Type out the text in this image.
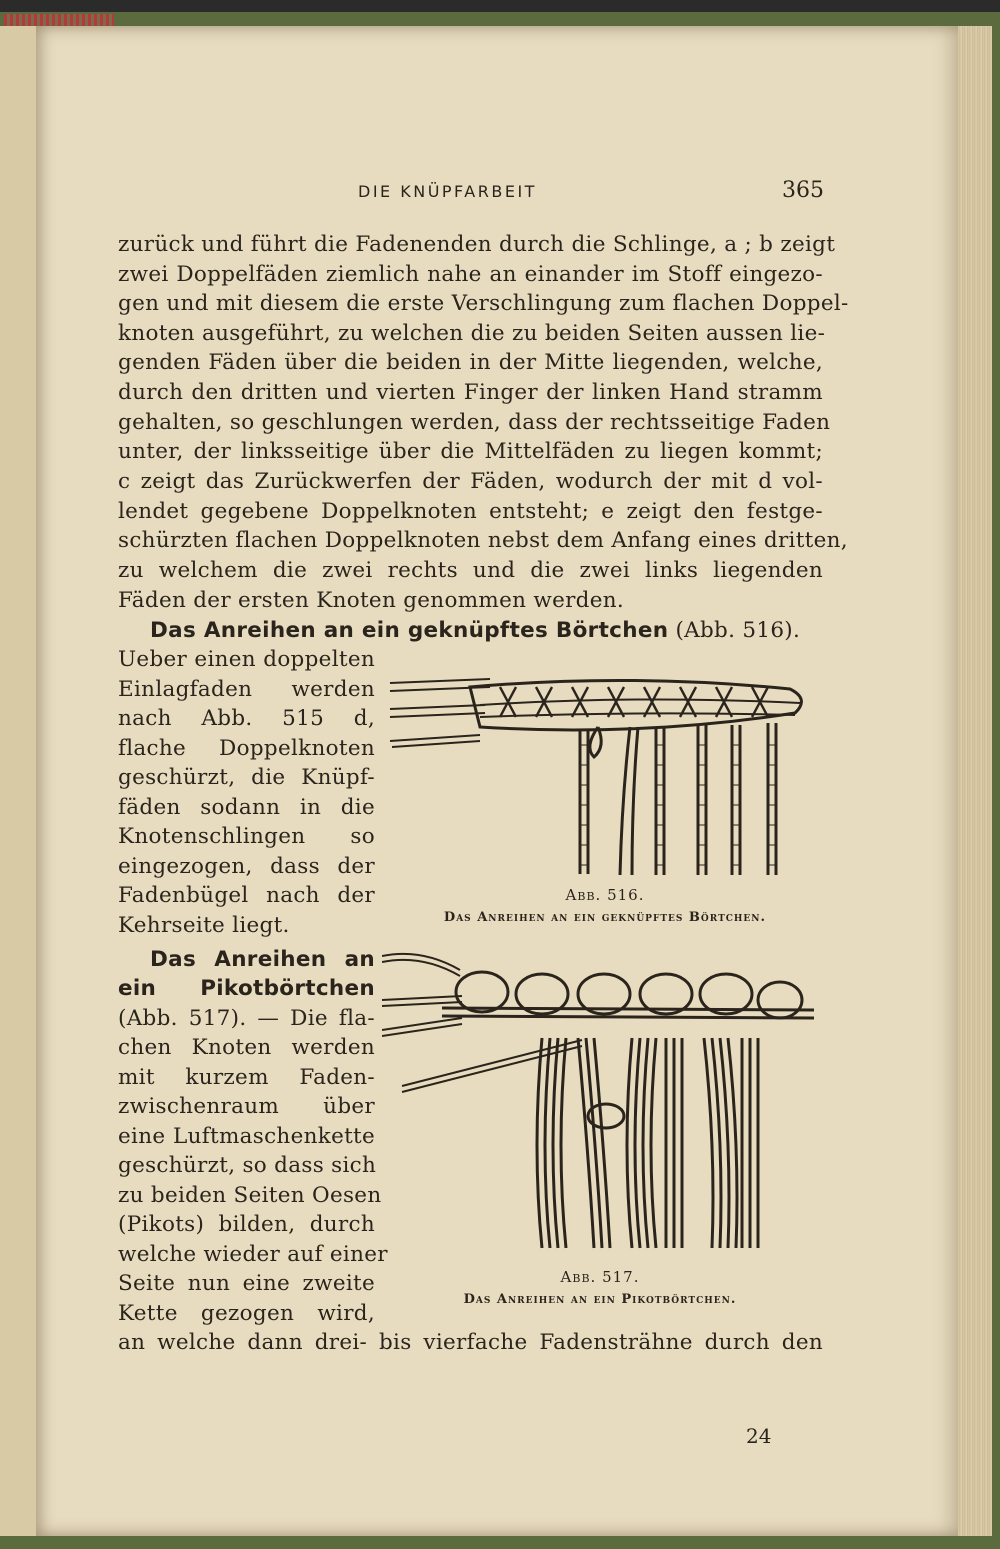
DIE KNÜPFARBEIT	365
zurück und führt die Fadenenden durch die Schlinge, a ; b zeigt
zwei Doppelfäden ziemlich nahe an einander im Stoff eingezo-
gen und mit diesem die erste Verschlingung zum flachen Doppel-
knoten ausgeführt, zu welchen die zu beiden Seiten aussen lie-
genden Fäden über die beiden in der Mitte liegenden, welche,
durch den dritten und vierten Finger der linken Hand stramm
gehalten, so geschlungen werden, dass der rechtsseitige Faden
unter, der linksseitige über die Mittelfäden zu liegen kommt;
c zeigt das Zurückwerfen der Fäden, wodurch der mit d vol-
lendet gegebene Doppelknoten entsteht; e zeigt den festge-
schürzten flachen Doppelknoten nebst dem Anfang eines dritten,
zu welchem die zwei rechts und die zwei links liegenden
Fäden der ersten Knoten genommen werden.
Das Anreihen an ein geknüpftes Börtchen (Abb. 516).
Ueber einen doppelten
Einlagfaden werden
nach Abb. 515 d,
flache Doppelknoten
geschürzt, die Knüpf-
fäden sodann in die
Knotenschlingen so
eingezogen, dass der
Fadenbügel nach der
Kehrseite liegt.
Abb. 516.
Das Anreihen an ein geknüpftes Börtchen.
Das Anreihen an
ein Pikotbörtchen
(Abb. 517). — Die fla-
chen Knoten werden
mit kurzem Faden-
zwischenraum über
eine Luftmaschenkette
geschürzt, so dass sich
zu beiden Seiten Oesen
(Pikots) bilden, durch
welche wieder auf einer
Seite nun eine zweite
Kette gezogen wird,
an welche dann drei- bis vierfache Fadensträhne durch den
Abb. 517.
Das Anreihen an ein Pikotbörtchen.
24
